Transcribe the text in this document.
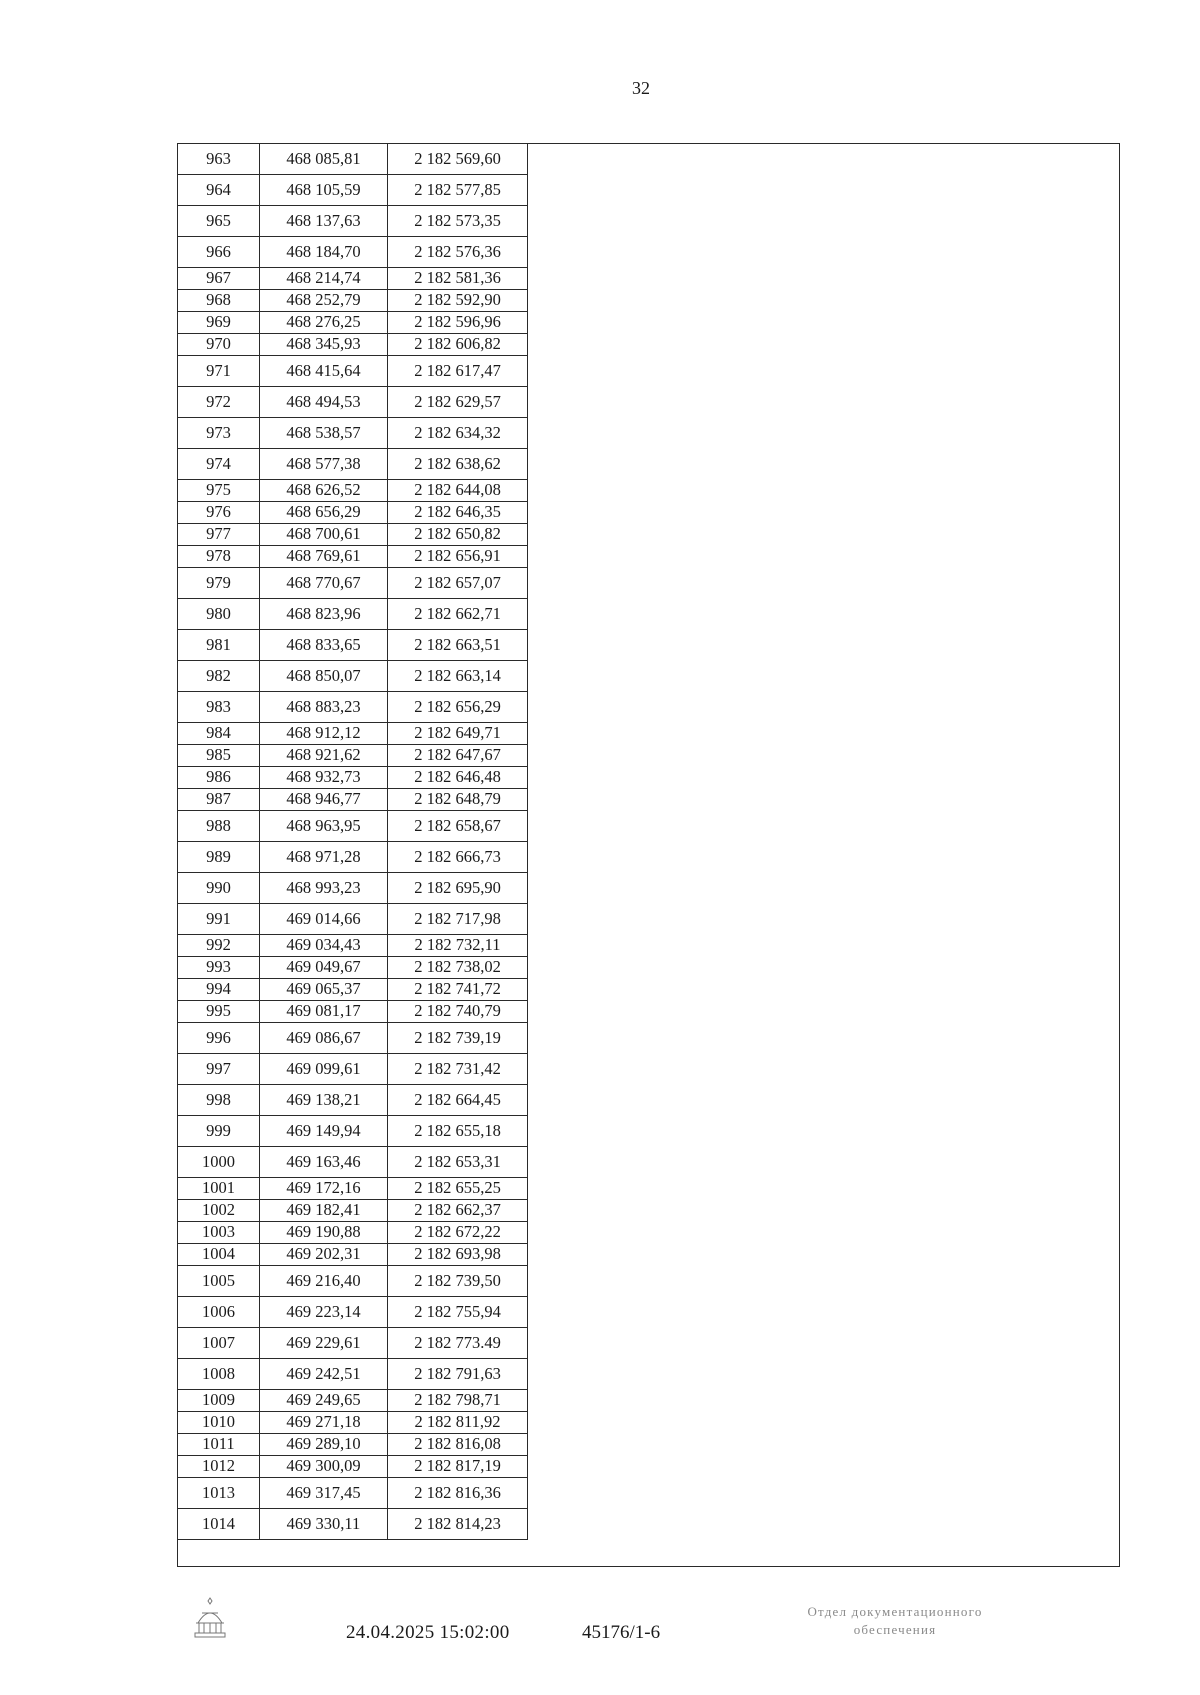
32
963	468 085,81	2 182 569,60
964	468 105,59	2 182 577,85
965	468 137,63	2 182 573,35
966	468 184,70	2 182 576,36
967	468 214,74	2 182 581,36
968	468 252,79	2 182 592,90
969	468 276,25	2 182 596,96
970	468 345,93	2 182 606,82
971	468 415,64	2 182 617,47
972	468 494,53	2 182 629,57
973	468 538,57	2 182 634,32
974	468 577,38	2 182 638,62
975	468 626,52	2 182 644,08
976	468 656,29	2 182 646,35
977	468 700,61	2 182 650,82
978	468 769,61	2 182 656,91
979	468 770,67	2 182 657,07
980	468 823,96	2 182 662,71
981	468 833,65	2 182 663,51
982	468 850,07	2 182 663,14
983	468 883,23	2 182 656,29
984	468 912,12	2 182 649,71
985	468 921,62	2 182 647,67
986	468 932,73	2 182 646,48
987	468 946,77	2 182 648,79
988	468 963,95	2 182 658,67
989	468 971,28	2 182 666,73
990	468 993,23	2 182 695,90
991	469 014,66	2 182 717,98
992	469 034,43	2 182 732,11
993	469 049,67	2 182 738,02
994	469 065,37	2 182 741,72
995	469 081,17	2 182 740,79
996	469 086,67	2 182 739,19
997	469 099,61	2 182 731,42
998	469 138,21	2 182 664,45
999	469 149,94	2 182 655,18
1000	469 163,46	2 182 653,31
1001	469 172,16	2 182 655,25
1002	469 182,41	2 182 662,37
1003	469 190,88	2 182 672,22
1004	469 202,31	2 182 693,98
1005	469 216,40	2 182 739,50
1006	469 223,14	2 182 755,94
1007	469 229,61	2 182 773.49
1008	469 242,51	2 182 791,63
1009	469 249,65	2 182 798,71
1010	469 271,18	2 182 811,92
1011	469 289,10	2 182 816,08
1012	469 300,09	2 182 817,19
1013	469 317,45	2 182 816,36
1014	469 330,11	2 182 814,23
24.04.2025 15:02:00	45176/1-6
Отдел документационного
обеспечения
